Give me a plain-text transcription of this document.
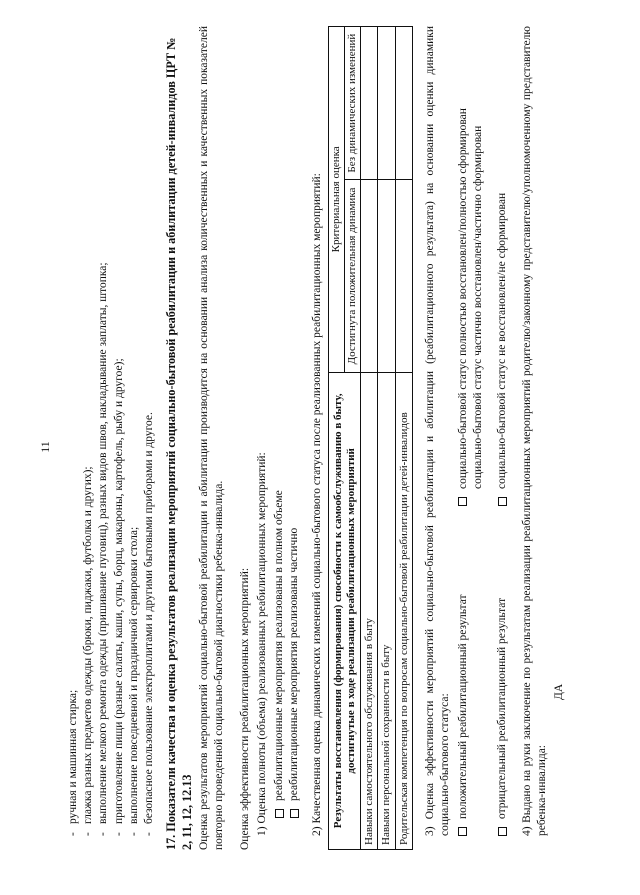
11
- ручная и машинная стирка; - глажка разных предметов одежды (брюки, пиджаки, футболка и других); - выполнение мелкого ремонта одежды (пришивание пуговиц), разных видов швов, накладывание заплаты, штопка; - приготовление пищи (разные салаты, каши, супы, борщ, макароны, картофель, рыбу и другое); - выполнение повседневной и праздничной сервировки стола; - безопасное пользование электроплитами и другими бытовыми приборами и другое. 17. Показатели качества и оценка результатов реализации мероприятий социально-бытовой реабилитации и абилитации детей-инвалидов ЦРТ № 2, 11, 12, 12.13 Оценка результатов мероприятий социально-бытовой реабилитации и абилитации производится на основании анализа количественных и качественных показателей повторно проведенной социально-бытовой диагностики ребенка-инвалида. Оценка эффективности реабилитационных мероприятий: 1) Оценка полноты (объема) реализованных реабилитационных мероприятий: реабилитационные мероприятия реализованы в полном объеме реабилитационные мероприятия реализованы частично 2) Качественная оценка динамических изменений социально-бытового статуса после реализованных реабилитационных мероприятий: Результаты восстановления (формирования) способности к самообслуживанию в быту, достигнутые в ходе реализации реабилитационных мероприятий	Критериальная оценка	
	Достигнута положительная динамика	Без динамических изменений
Навыки самостоятельного обслуживания в быту		
Навыки персональной сохранности в быту		
Родительская компетенция по вопросам социально-бытовой реабилитации детей-инвалидов		3) Оценка эффективности мероприятий социально-бытовой реабилитации и абилитации (реабилитационного результата) на основании оценки динамики социально-бытового статуса: положительный реабилитационный результат
социально-бытовой статус полностью восстановлен/полностью сформирован социально-бытовой статус частично восстановлен/частично сформирован
отрицательный реабилитационный результат
социально-бытовой статус не восстановлен/не сформирован 4) Выдано на руки заключение по результатам реализации реабилитационных мероприятий родителю/законному представителю/уполномоченному представителю ребенка-инвалида:

ДА
